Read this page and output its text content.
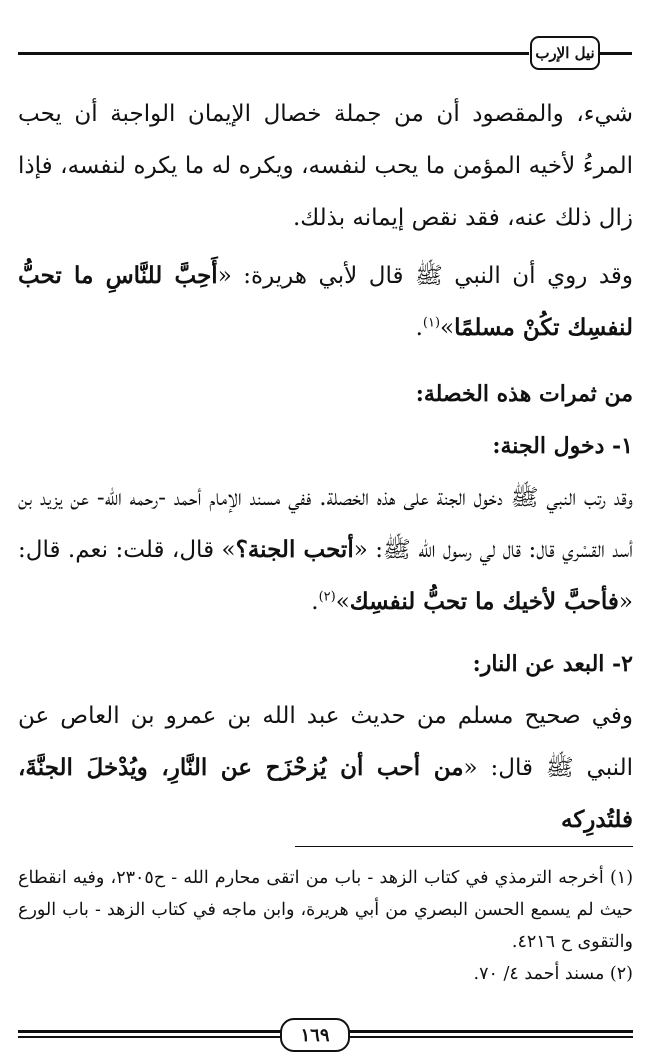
نيل الإرب

شيء، والمقصود أن من جملة خصال الإيمان الواجبة أن يحب المرءُ لأخيه المؤمن ما يحب لنفسه، ويكره له ما يكره لنفسه، فإذا زال ذلك عنه، فقد نقص إيمانه بذلك.

وقد روي أن النبي ﷺ قال لأبي هريرة: «أَحِبَّ للنَّاسِ ما تحبُّ لنفسِك تكُنْ مسلمًا»$^{(١)}$.

من ثمرات هذه الخصلة:

١- دخول الجنة:

وقد رتب النبي ﷺ دخول الجنة على هذه الخصلة. ففي مسند الإمام أحمد -رحمه الله- عن يزيد بن أسد القسْري قال: قال لي رسول الله ﷺ: «أتحب الجنة؟» قال، قلت: نعم. قال: «فأحبَّ لأخيك ما تحبُّ لنفسِك»$^{(٢)}$.

٢- البعد عن النار:

وفي صحيح مسلم من حديث عبد الله بن عمرو بن العاص عن النبي ﷺ قال: «من أحب أن يُزحْزَح عن النَّارِ، ويُدْخلَ الجنَّةَ، فلتُدرِكه

(١) أخرجه الترمذي في كتاب الزهد - باب من اتقى محارم الله - ح٢٣٠٥، وفيه انقطاع حيث لم يسمع الحسن البصري من أبي هريرة، وابن ماجه في كتاب الزهد - باب الورع والتقوى ح ٤٢١٦.

(٢) مسند أحمد ٤/ ٧٠.

١٦٩
